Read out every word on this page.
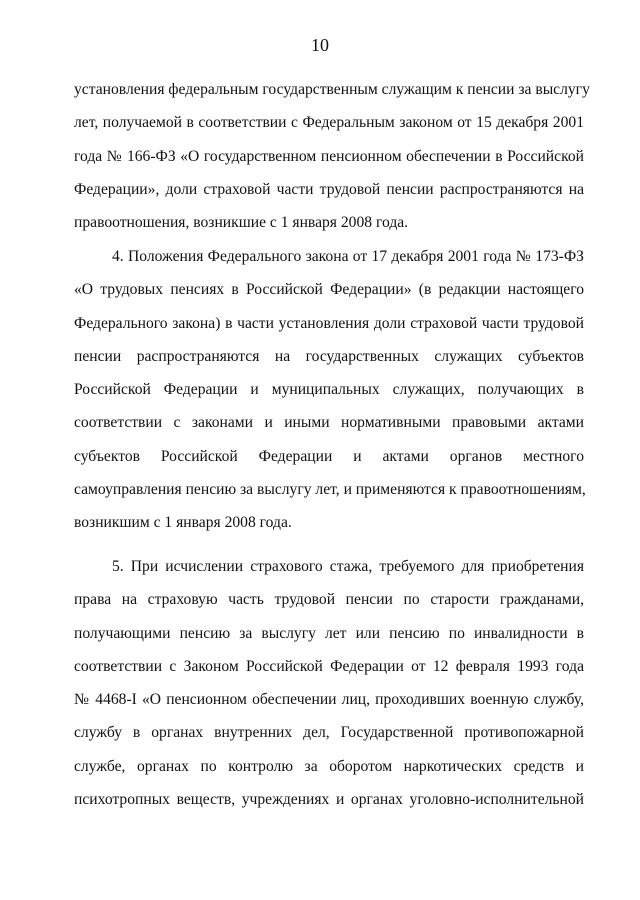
10
установления федеральным государственным служащим к пенсии за выслугу
лет, получаемой в соответствии с Федеральным законом от 15 декабря 2001
года № 166-ФЗ «О государственном пенсионном обеспечении в Российской
Федерации», доли страховой части трудовой пенсии распространяются на
правоотношения, возникшие с 1 января 2008 года.
4. Положения Федерального закона от 17 декабря 2001 года № 173-ФЗ
«О трудовых пенсиях в Российской Федерации» (в редакции настоящего
Федерального закона) в части установления доли страховой части трудовой
пенсии распространяются на государственных служащих субъектов
Российской Федерации и муниципальных служащих, получающих в
соответствии с законами и иными нормативными правовыми актами
субъектов Российской Федерации и актами органов местного
самоуправления пенсию за выслугу лет, и применяются к правоотношениям,
возникшим с 1 января 2008 года.
5. При исчислении страхового стажа, требуемого для приобретения
права на страховую часть трудовой пенсии по старости гражданами,
получающими пенсию за выслугу лет или пенсию по инвалидности в
соответствии с Законом Российской Федерации от 12 февраля 1993 года
№ 4468-I «О пенсионном обеспечении лиц, проходивших военную службу,
службу в органах внутренних дел, Государственной противопожарной
службе, органах по контролю за оборотом наркотических средств и
психотропных веществ, учреждениях и органах уголовно-исполнительной
